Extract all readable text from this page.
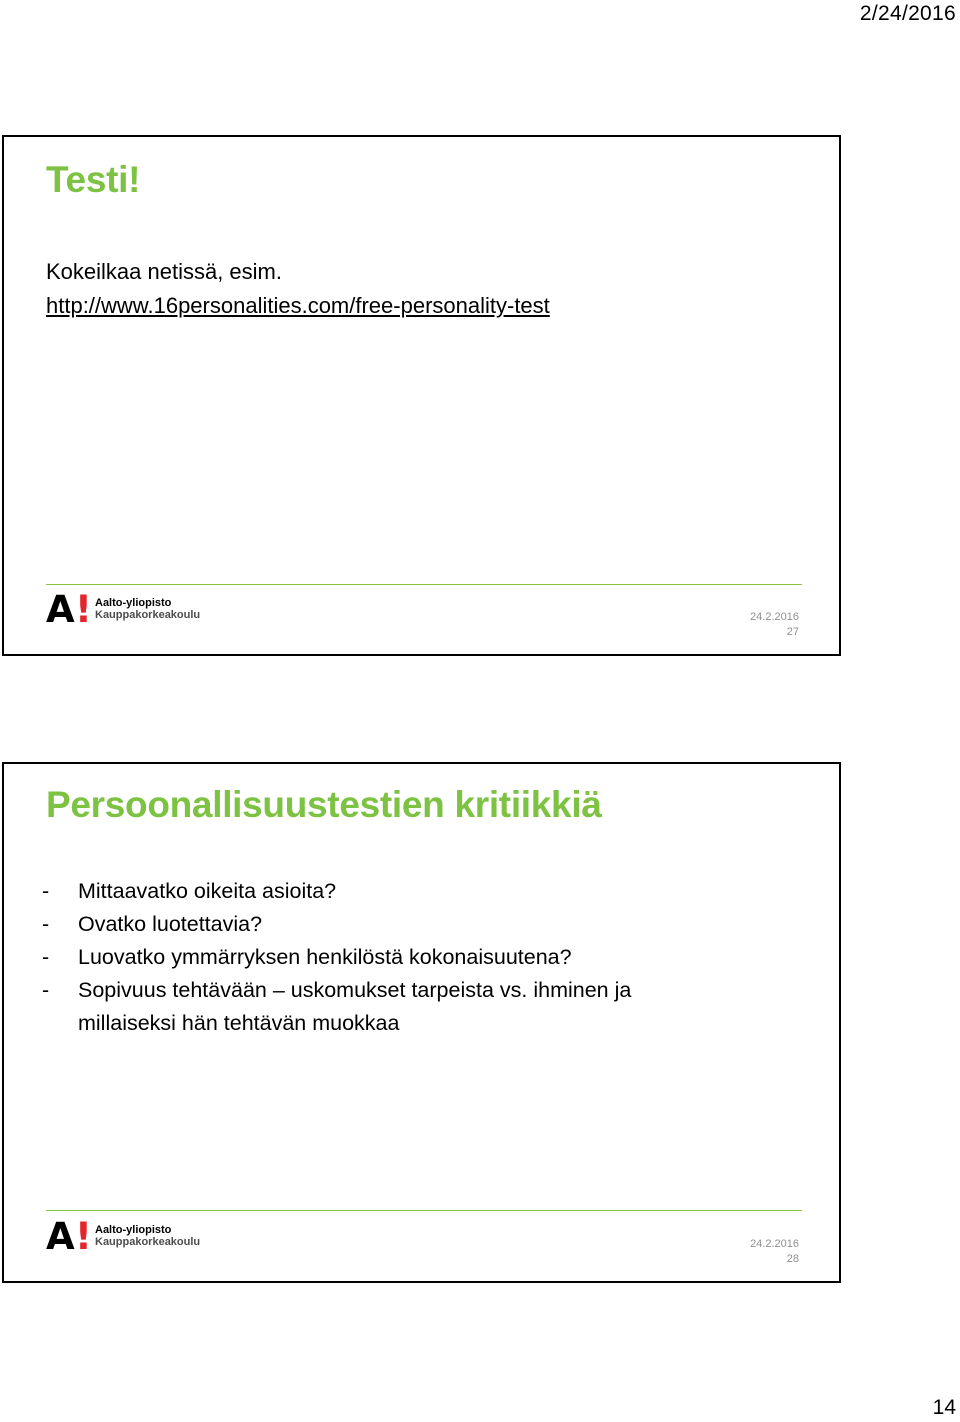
2/24/2016
Testi!
Kokeilkaa netissä, esim.
http://www.16personalities.com/free-personality-test
A ! Aalto-yliopisto
Kauppakorkeakoulu	24.2.2016
27
Persoonallisuustestien kritiikkiä
- Mittaavatko oikeita asioita?
- Ovatko luotettavia?
- Luovatko ymmärryksen henkilöstä kokonaisuutena?
- Sopivuus tehtävään – uskomukset tarpeista vs. ihminen ja
millaiseksi hän tehtävän muokkaa
A ! Aalto-yliopisto
Kauppakorkeakoulu	24.2.2016
28
14
